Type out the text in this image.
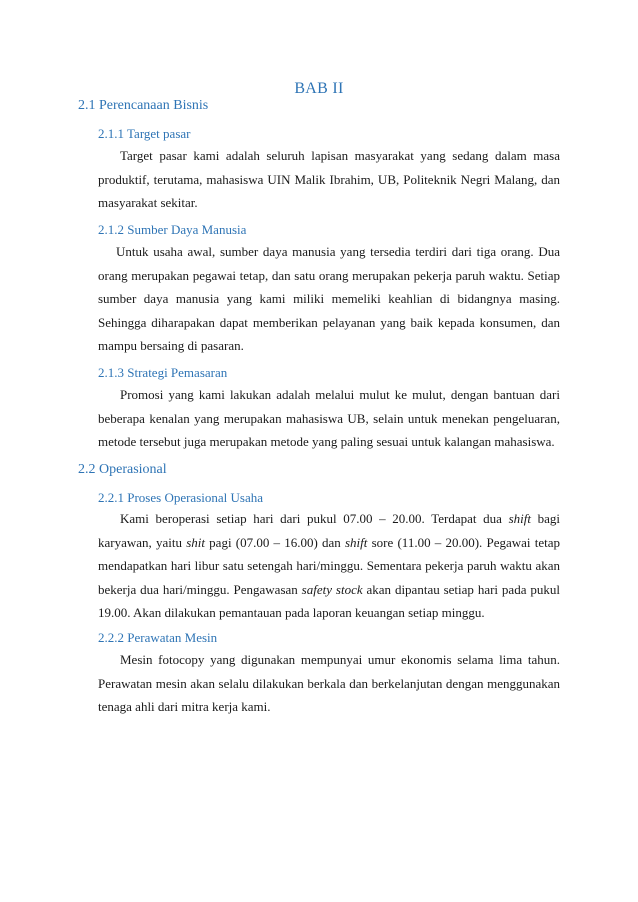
BAB II
2.1 Perencanaan Bisnis
2.1.1 Target pasar
Target pasar kami adalah seluruh lapisan masyarakat yang sedang dalam masa produktif, terutama, mahasiswa UIN Malik Ibrahim, UB, Politeknik Negri Malang, dan masyarakat sekitar.
2.1.2 Sumber Daya Manusia
Untuk usaha awal, sumber daya manusia yang tersedia terdiri dari tiga orang. Dua orang merupakan pegawai tetap, dan satu orang merupakan pekerja paruh waktu. Setiap sumber daya manusia yang kami miliki memeliki keahlian di bidangnya masing. Sehingga diharapakan dapat memberikan pelayanan yang baik kepada konsumen, dan mampu bersaing di pasaran.
2.1.3 Strategi Pemasaran
Promosi yang kami lakukan adalah melalui mulut ke mulut, dengan bantuan dari beberapa kenalan yang merupakan mahasiswa UB, selain untuk menekan pengeluaran, metode tersebut juga merupakan metode yang paling sesuai untuk kalangan mahasiswa.
2.2 Operasional
2.2.1 Proses Operasional Usaha
Kami beroperasi setiap hari dari pukul 07.00 – 20.00. Terdapat dua shift bagi karyawan, yaitu shit pagi (07.00 – 16.00) dan shift sore (11.00 – 20.00). Pegawai tetap mendapatkan hari libur satu setengah hari/minggu. Sementara pekerja paruh waktu akan bekerja dua hari/minggu. Pengawasan safety stock akan dipantau setiap hari pada pukul 19.00. Akan dilakukan pemantauan pada laporan keuangan setiap minggu.
2.2.2 Perawatan Mesin
Mesin fotocopy yang digunakan mempunyai umur ekonomis selama lima tahun. Perawatan mesin akan selalu dilakukan berkala dan berkelanjutan dengan menggunakan tenaga ahli dari mitra kerja kami.
